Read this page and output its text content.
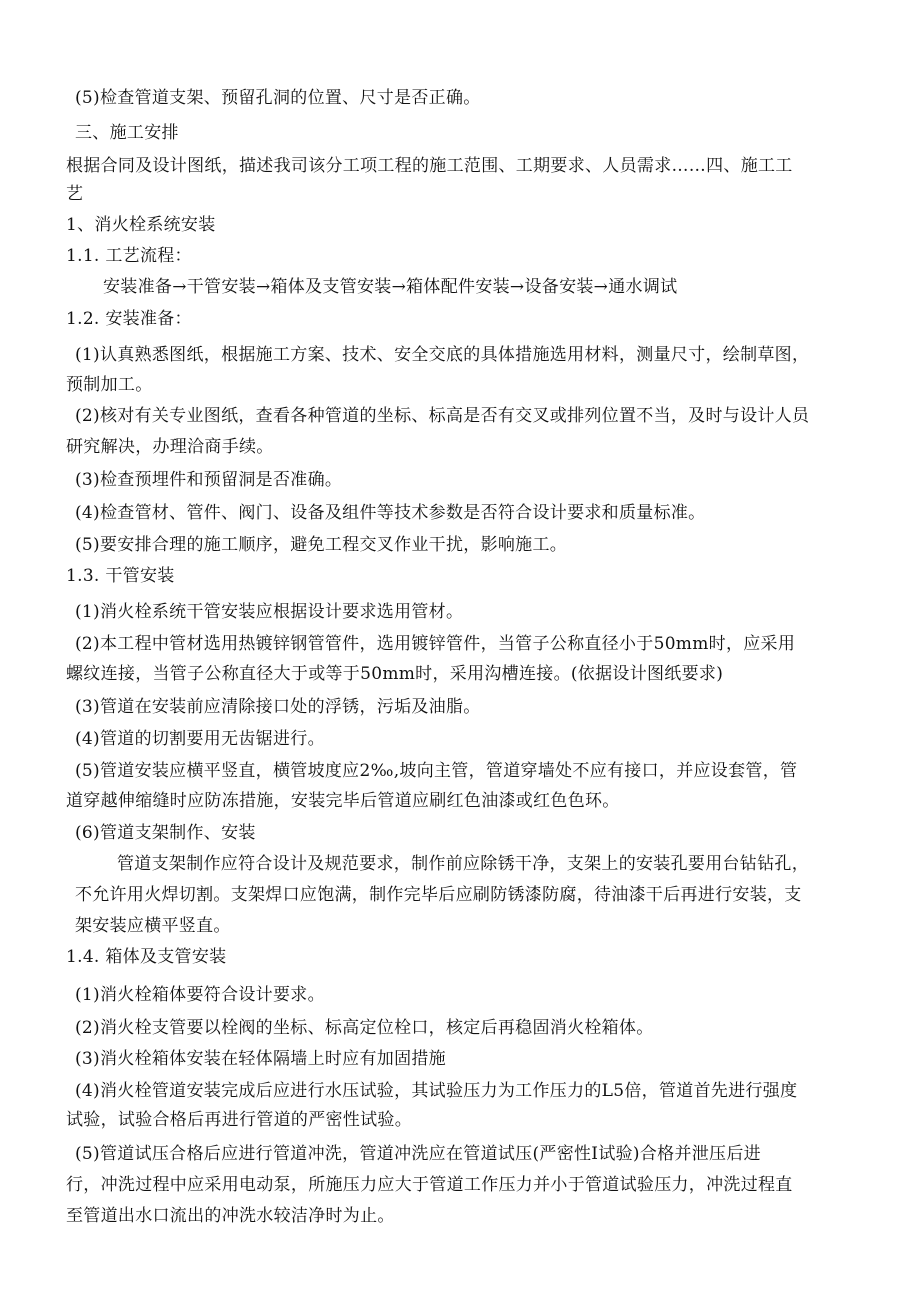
(5)检查管道支架、预留孔洞的位置、尺寸是否正确。
三、施工安排
根据合同及设计图纸，描述我司该分工项工程的施工范围、工期要求、人员需求……四、施工工
艺
1、消火栓系统安装
1.1. 工艺流程：
安装准备→干管安装→箱体及支管安装→箱体配件安装→设备安装→通水调试
1.2. 安装准备：
(1)认真熟悉图纸，根据施工方案、技术、安全交底的具体措施选用材料，测量尺寸，绘制草图，
预制加工。
(2)核对有关专业图纸，查看各种管道的坐标、标高是否有交叉或排列位置不当，及时与设计人员
研究解决，办理洽商手续。
(3)检查预埋件和预留洞是否准确。
(4)检查管材、管件、阀门、设备及组件等技术参数是否符合设计要求和质量标准。
(5)要安排合理的施工顺序，避免工程交叉作业干扰，影响施工。
1.3. 干管安装
(1)消火栓系统干管安装应根据设计要求选用管材。
(2)本工程中管材选用热镀锌钢管管件，选用镀锌管件，当管子公称直径小于50mm时，应采用
螺纹连接，当管子公称直径大于或等于50mm时，采用沟槽连接。(依据设计图纸要求)
(3)管道在安装前应清除接口处的浮锈，污垢及油脂。
(4)管道的切割要用无齿锯进行。
(5)管道安装应横平竖直，横管坡度应2‰,坡向主管，管道穿墙处不应有接口，并应设套管，管
道穿越伸缩缝时应防冻措施，安装完毕后管道应刷红色油漆或红色色环。
(6)管道支架制作、安装
管道支架制作应符合设计及规范要求，制作前应除锈干净，支架上的安装孔要用台钻钻孔，
不允许用火焊切割。支架焊口应饱满，制作完毕后应刷防锈漆防腐，待油漆干后再进行安装，支
架安装应横平竖直。
1.4. 箱体及支管安装
(1)消火栓箱体要符合设计要求。
(2)消火栓支管要以栓阀的坐标、标高定位栓口，核定后再稳固消火栓箱体。
(3)消火栓箱体安装在轻体隔墙上时应有加固措施
(4)消火栓管道安装完成后应进行水压试验，其试验压力为工作压力的L5倍，管道首先进行强度
试验，试验合格后再进行管道的严密性试验。
(5)管道试压合格后应进行管道冲洗，管道冲洗应在管道试压(严密性I试验)合格并泄压后进
行，冲洗过程中应采用电动泵，所施压力应大于管道工作压力并小于管道试验压力，冲洗过程直
至管道出水口流出的冲洗水较洁净时为止。
